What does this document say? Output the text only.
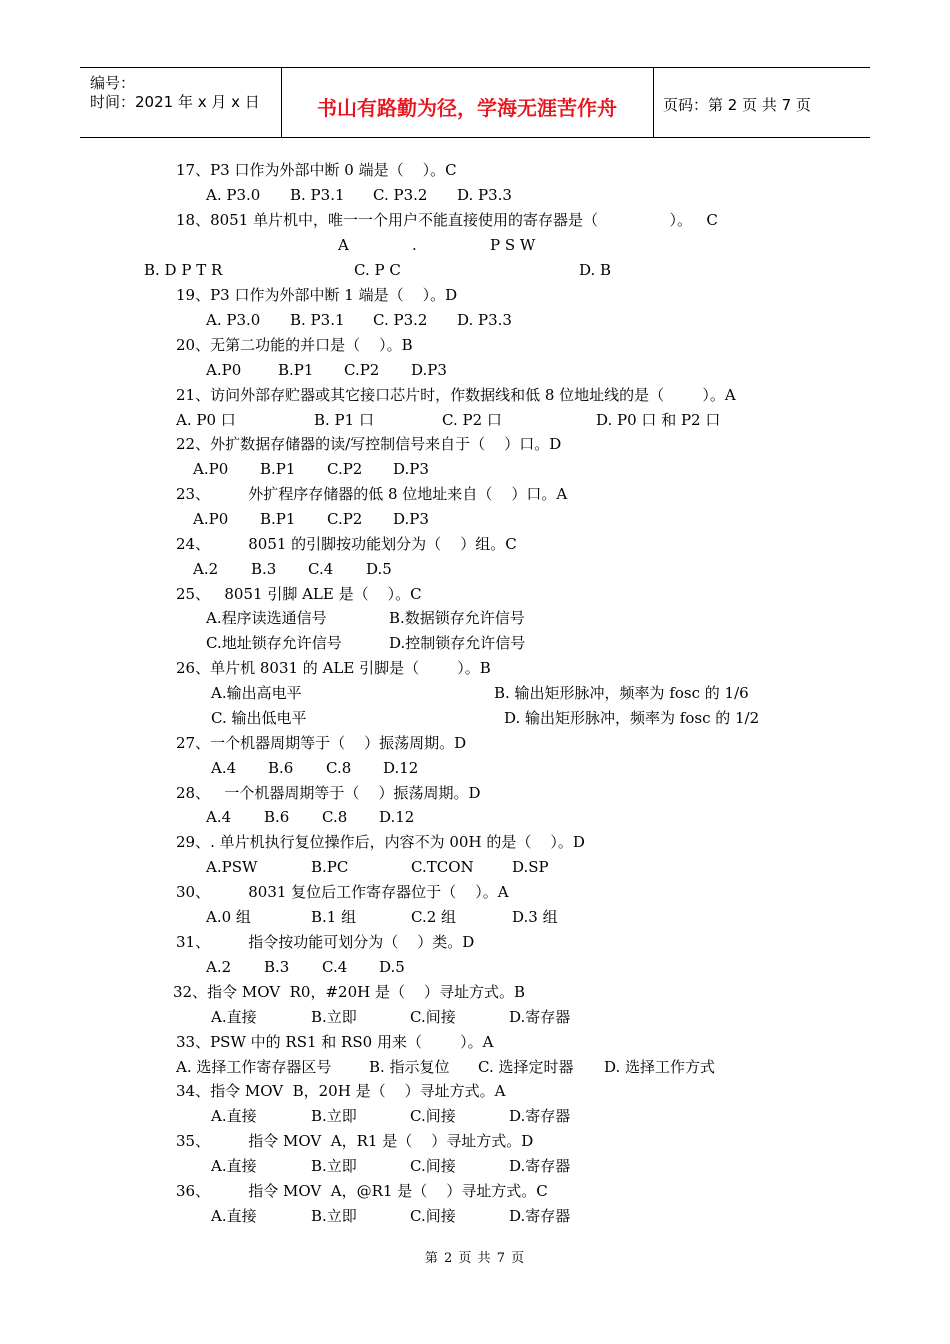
编号：
时间：2021 年 x 月 x 日	书山有路勤为径，学海无涯苦作舟	页码：第 2 页 共 7 页
17、P3 口作为外部中断 0 端是（    ）。C
A. P3.0 B. P3.1 C. P3.2 D. P3.3
18、8051 单片机中，唯一一个用户不能直接使用的寄存器是（               ）。   C
A	.	P S W
B. D P T R	C. P C	D. B
19、P3 口作为外部中断 1 端是（    ）。D
A. P3.0 B. P3.1 C. P3.2 D. P3.3
20、无第二功能的并口是（    ）。B
A.P0 B.P1 C.P2 D.P3
21、访问外部存贮器或其它接口芯片时，作数据线和低 8 位地址线的是（        ）。A
A. P0 口	B. P1 口	C. P2 口	D. P0 口 和 P2 口
22、外扩数据存储器的读/写控制信号来自于（    ）口。D
A.P0 B.P1 C.P2 D.P3
23、        外扩程序存储器的低 8 位地址来自（    ）口。A
A.P0 B.P1 C.P2 D.P3
24、        8051 的引脚按功能划分为（    ）组。C
A.2 B.3 C.4 D.5
25、   8051 引脚 ALE 是（    ）。C
A.程序读选通信号	B.数据锁存允许信号
C.地址锁存允许信号	D.控制锁存允许信号
26、单片机 8031 的 ALE 引脚是（        ）。B
A.输出高电平	B. 输出矩形脉冲，频率为 fosc 的 1/6
C. 输出低电平	D. 输出矩形脉冲，频率为 fosc 的 1/2
27、一个机器周期等于（    ）振荡周期。D
A.4 B.6 C.8 D.12
28、   一个机器周期等于（    ）振荡周期。D
A.4 B.6 C.8 D.12
29、. 单片机执行复位操作后，内容不为 00H 的是（    ）。D
A.PSW	B.PC	C.TCON	D.SP
30、        8031 复位后工作寄存器位于（    ）。A
A.0 组	B.1 组	C.2 组	D.3 组
31、        指令按功能可划分为（    ）类。D
A.2 B.3 C.4 D.5
32、指令 MOV  R0，#20H 是（    ）寻址方式。B
A.直接	B.立即	C.间接	D.寄存器
33、PSW 中的 RS1 和 RS0 用来（        ）。A
A. 选择工作寄存器区号	B. 指示复位 C. 选择定时器 D. 选择工作方式
34、指令 MOV  B，20H 是（    ）寻址方式。A
A.直接	B.立即	C.间接	D.寄存器
35、        指令 MOV  A，R1 是（    ）寻址方式。D
A.直接	B.立即	C.间接	D.寄存器
36、        指令 MOV  A，@R1 是（    ）寻址方式。C
A.直接	B.立即	C.间接	D.寄存器
第 2 页 共 7 页
